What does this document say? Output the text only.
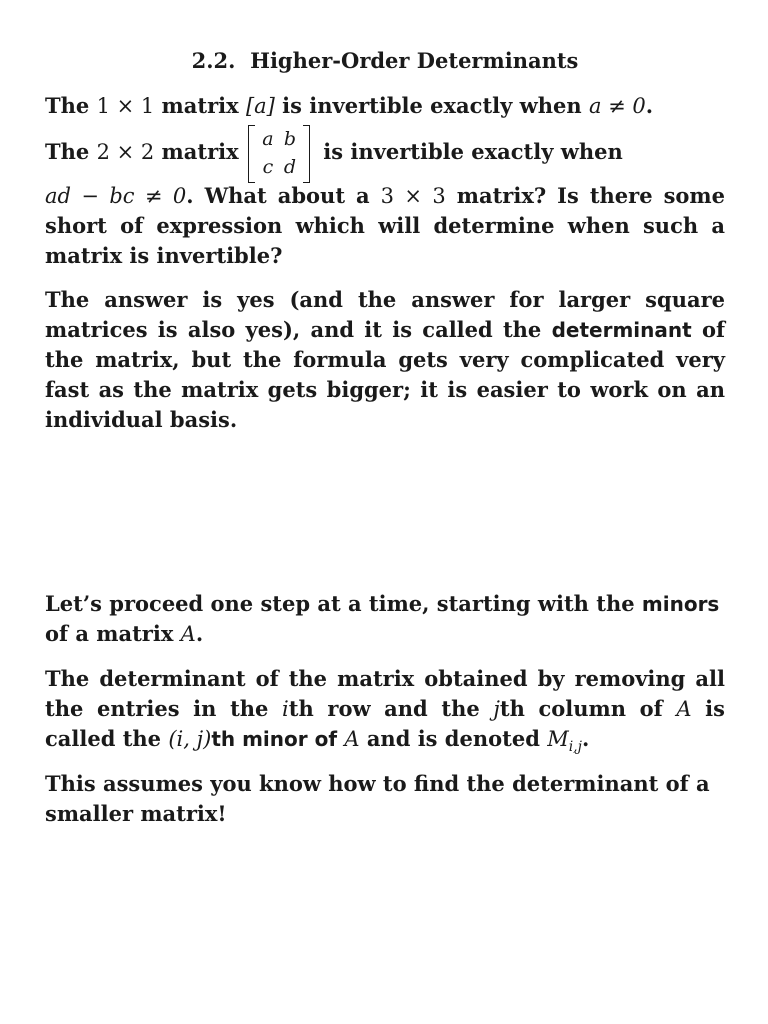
2.2. Higher-Order Determinants
The 1 × 1 matrix [a] is invertible exactly when a ≠ 0.
The 2 × 2 matrix
a b
c d
is invertible exactly when
ad − bc ≠ 0. What about a 3 × 3 matrix? Is there some short of expression which will determine when such a matrix is invertible?
The answer is yes (and the answer for larger square matrices is also yes), and it is called the determinant of the matrix, but the formula gets very complicated very fast as the matrix gets bigger; it is easier to work on an individual basis.
Let’s proceed one step at a time, starting with the minors of a matrix A.
The determinant of the matrix obtained by removing all the entries in the ith row and the jth column of A is called the (i, j)th minor of A and is denoted $M_{i,j}$.
This assumes you know how to find the determinant of a smaller matrix!
